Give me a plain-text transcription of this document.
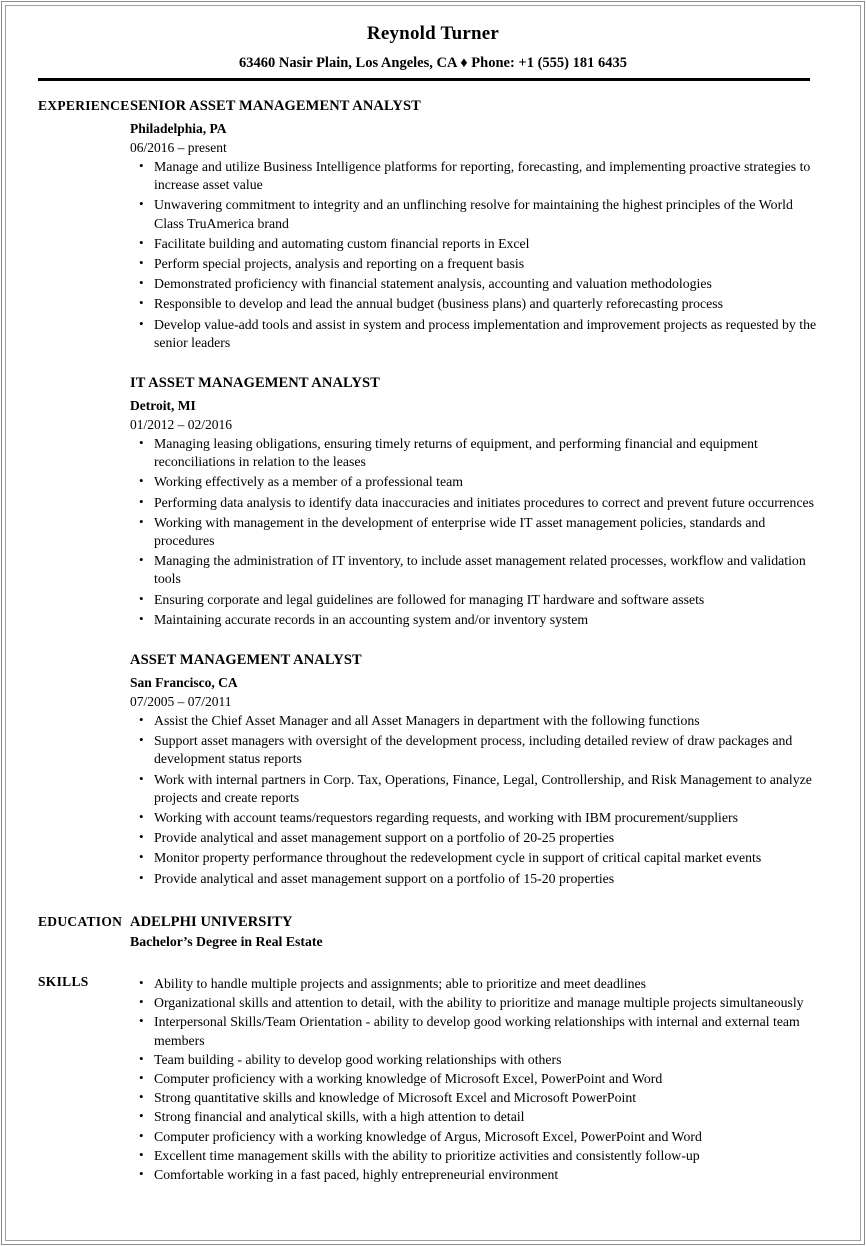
Reynold Turner
63460 Nasir Plain, Los Angeles, CA ♦ Phone: +1 (555) 181 6435
EXPERIENCE SENIOR ASSET MANAGEMENT ANALYST
Philadelphia, PA
06/2016 – present
• Manage and utilize Business Intelligence platforms for reporting, forecasting, and implementing proactive strategies to increase asset value
• Unwavering commitment to integrity and an unflinching resolve for maintaining the highest principles of the World Class TruAmerica brand
• Facilitate building and automating custom financial reports in Excel
• Perform special projects, analysis and reporting on a frequent basis
• Demonstrated proficiency with financial statement analysis, accounting and valuation methodologies
• Responsible to develop and lead the annual budget (business plans) and quarterly reforecasting process
• Develop value-add tools and assist in system and process implementation and improvement projects as requested by the senior leaders
IT ASSET MANAGEMENT ANALYST
Detroit, MI
01/2012 – 02/2016
• Managing leasing obligations, ensuring timely returns of equipment, and performing financial and equipment reconciliations in relation to the leases
• Working effectively as a member of a professional team
• Performing data analysis to identify data inaccuracies and initiates procedures to correct and prevent future occurrences
• Working with management in the development of enterprise wide IT asset management policies, standards and procedures
• Managing the administration of IT inventory, to include asset management related processes, workflow and validation tools
• Ensuring corporate and legal guidelines are followed for managing IT hardware and software assets
• Maintaining accurate records in an accounting system and/or inventory system
ASSET MANAGEMENT ANALYST
San Francisco, CA
07/2005 – 07/2011
• Assist the Chief Asset Manager and all Asset Managers in department with the following functions
• Support asset managers with oversight of the development process, including detailed review of draw packages and development status reports
• Work with internal partners in Corp. Tax, Operations, Finance, Legal, Controllership, and Risk Management to analyze projects and create reports
• Working with account teams/requestors regarding requests, and working with IBM procurement/suppliers
• Provide analytical and asset management support on a portfolio of 20-25 properties
• Monitor property performance throughout the redevelopment cycle in support of critical capital market events
• Provide analytical and asset management support on a portfolio of 15-20 properties
EDUCATION ADELPHI UNIVERSITY
Bachelor’s Degree in Real Estate
SKILLS	• Ability to handle multiple projects and assignments; able to prioritize and meet deadlines
• Organizational skills and attention to detail, with the ability to prioritize and manage multiple projects simultaneously
• Interpersonal Skills/Team Orientation - ability to develop good working relationships with internal and external team members
• Team building - ability to develop good working relationships with others
• Computer proficiency with a working knowledge of Microsoft Excel, PowerPoint and Word
• Strong quantitative skills and knowledge of Microsoft Excel and Microsoft PowerPoint
• Strong financial and analytical skills, with a high attention to detail
• Computer proficiency with a working knowledge of Argus, Microsoft Excel, PowerPoint and Word
• Excellent time management skills with the ability to prioritize activities and consistently follow-up
• Comfortable working in a fast paced, highly entrepreneurial environment
